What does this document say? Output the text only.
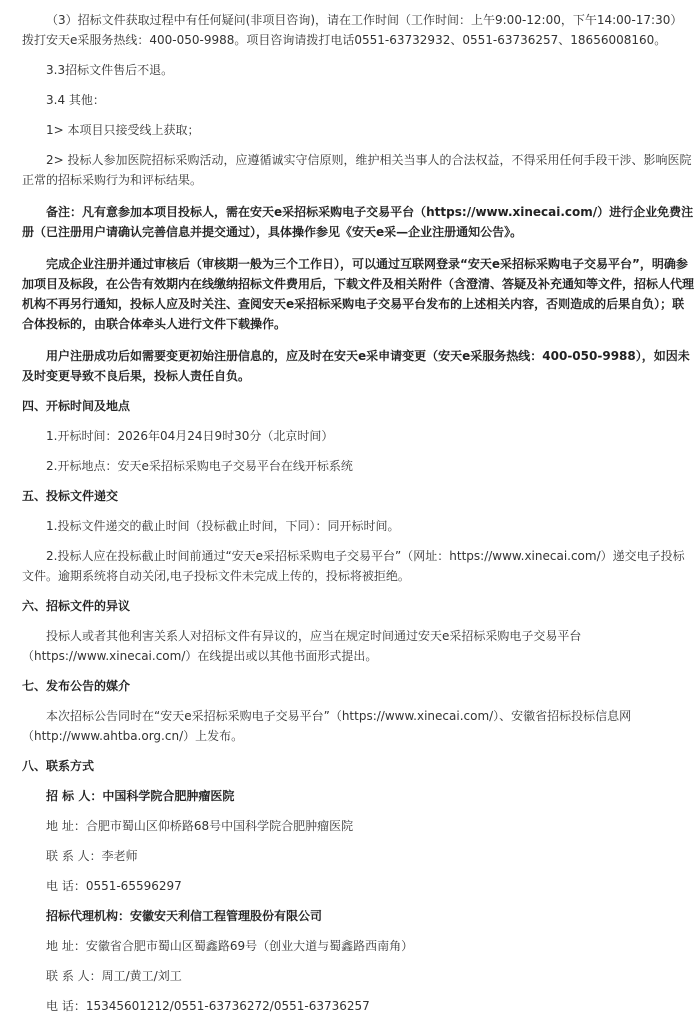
（3）招标文件获取过程中有任何疑问(非项目咨询)，请在工作时间（工作时间：上午9:00-12:00，下午14:00-17:30）拨打安天e采服务热线：400-050-9988。项目咨询请拨打电话0551-63732932、0551-63736257、18656008160。

3.3招标文件售后不退。

3.4 其他：

1> 本项目只接受线上获取；

2> 投标人参加医院招标采购活动，应遵循诚实守信原则，维护相关当事人的合法权益，不得采用任何手段干涉、影响医院正常的招标采购行为和评标结果。

备注：凡有意参加本项目投标人，需在安天e采招标采购电子交易平台（https://www.xinecai.com/）进行企业免费注册（已注册用户请确认完善信息并提交通过），具体操作参见《安天e采—企业注册通知公告》。

完成企业注册并通过审核后（审核期一般为三个工作日），可以通过互联网登录“安天e采招标采购电子交易平台”，明确参加项目及标段，在公告有效期内在线缴纳招标文件费用后，下载文件及相关附件（含澄清、答疑及补充通知等文件，招标人代理机构不再另行通知，投标人应及时关注、查阅安天e采招标采购电子交易平台发布的上述相关内容，否则造成的后果自负）；联合体投标的，由联合体牵头人进行文件下载操作。

用户注册成功后如需要变更初始注册信息的，应及时在安天e采申请变更（安天e采服务热线：400-050-9988），如因未及时变更导致不良后果，投标人责任自负。

四、开标时间及地点

1.开标时间：2026年04月24日9时30分（北京时间）

2.开标地点：安天e采招标采购电子交易平台在线开标系统

五、投标文件递交

1.投标文件递交的截止时间（投标截止时间，下同）：同开标时间。

2.投标人应在投标截止时间前通过“安天e采招标采购电子交易平台”（网址：https://www.xinecai.com/）递交电子投标文件。逾期系统将自动关闭,电子投标文件未完成上传的，投标将被拒绝。

六、招标文件的异议

投标人或者其他利害关系人对招标文件有异议的，应当在规定时间通过安天e采招标采购电子交易平台（https://www.xinecai.com/）在线提出或以其他书面形式提出。

七、发布公告的媒介

本次招标公告同时在“安天e采招标采购电子交易平台”（https://www.xinecai.com/）、安徽省招标投标信息网（http://www.ahtba.org.cn/）上发布。

八、联系方式

招 标 人：中国科学院合肥肿瘤医院

地 址：合肥市蜀山区仰桥路68号中国科学院合肥肿瘤医院

联 系 人：李老师

电 话：0551-65596297

招标代理机构：安徽安天利信工程管理股份有限公司

地 址：安徽省合肥市蜀山区蜀鑫路69号（创业大道与蜀鑫路西南角）

联 系 人：周工/黄工/刘工

电 话：15345601212/0551-63736272/0551-63736257
